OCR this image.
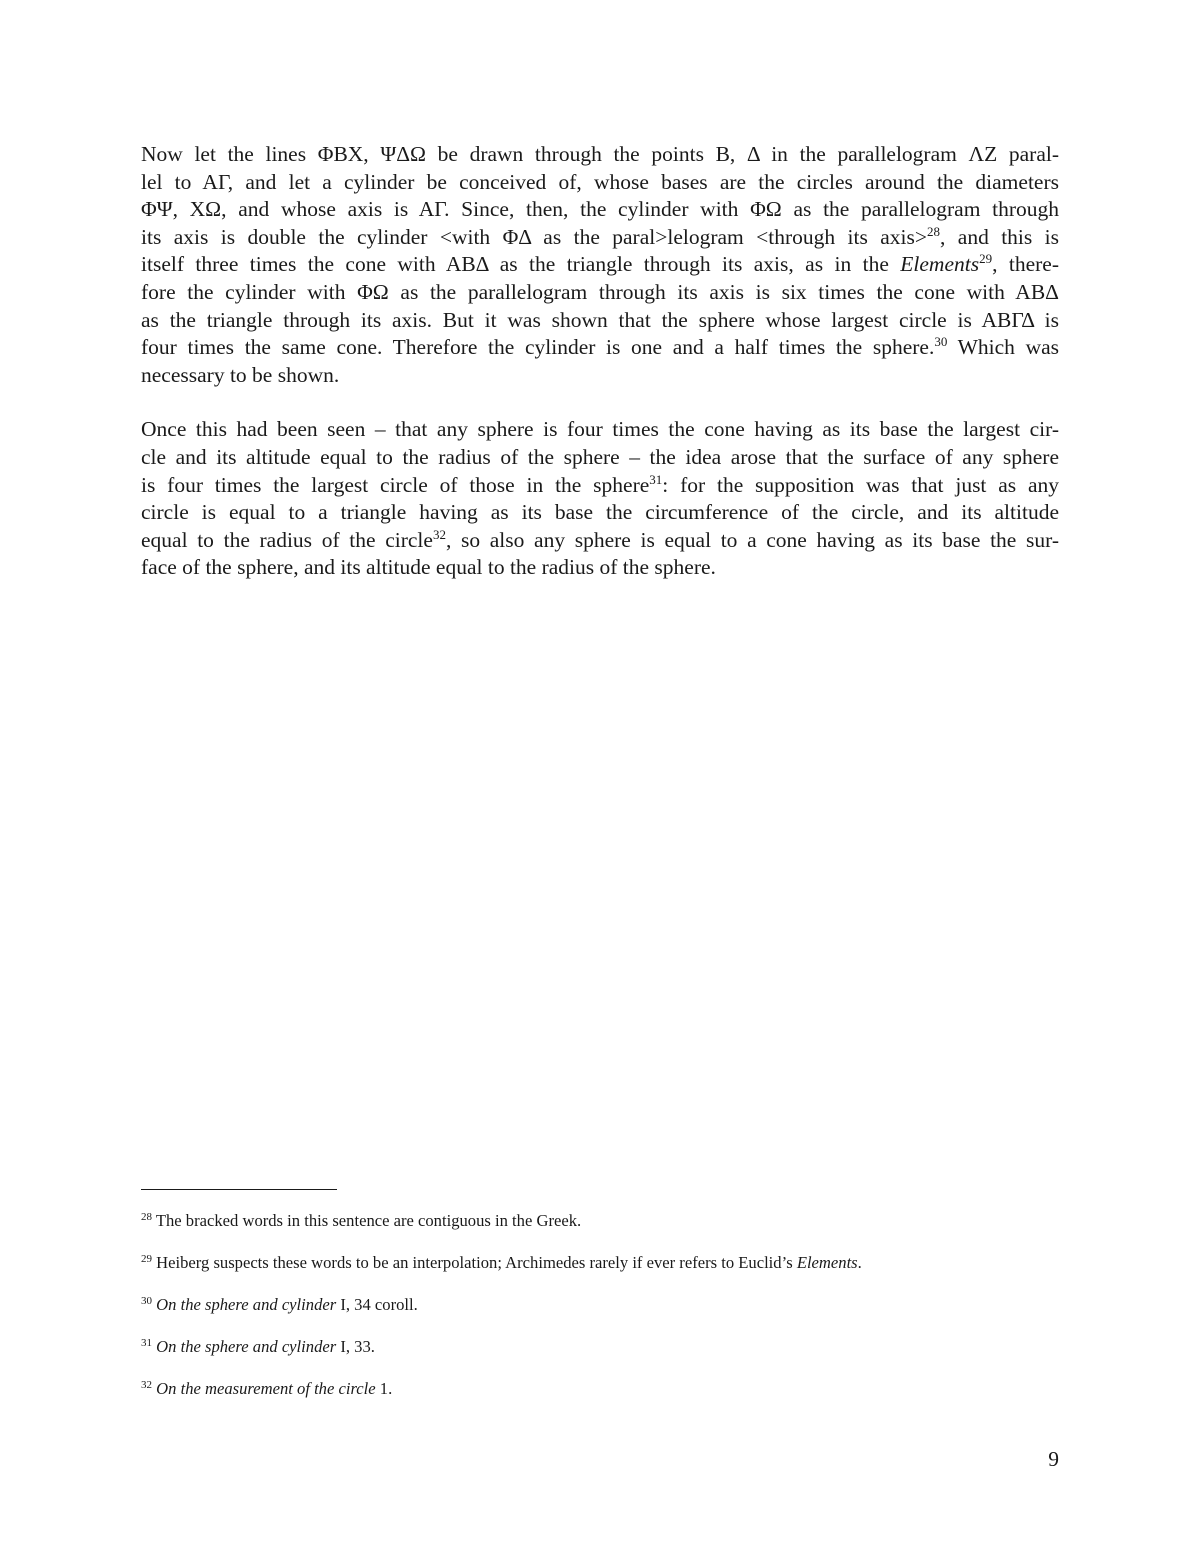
Now let the lines ΦBX, ΨΔΩ be drawn through the points B, Δ in the parallelogram ΛZ paral-
lel to AΓ, and let a cylinder be conceived of, whose bases are the circles around the diameters
ΦΨ, XΩ, and whose axis is AΓ. Since, then, the cylinder with ΦΩ as the parallelogram through
its axis is double the cylinder <with ΦΔ as the paral>lelogram <through its axis>$^{28}$, and this is
itself three times the cone with ABΔ as the triangle through its axis, as in the Elements$^{29}$, there-
fore the cylinder with ΦΩ as the parallelogram through its axis is six times the cone with ABΔ
as the triangle through its axis. But it was shown that the sphere whose largest circle is ABΓΔ is
four times the same cone. Therefore the cylinder is one and a half times the sphere.$^{30}$ Which was
necessary to be shown.
Once this had been seen – that any sphere is four times the cone having as its base the largest cir-
cle and its altitude equal to the radius of the sphere – the idea arose that the surface of any sphere
is four times the largest circle of those in the sphere$^{31}$: for the supposition was that just as any
circle is equal to a triangle having as its base the circumference of the circle, and its altitude
equal to the radius of the circle$^{32}$, so also any sphere is equal to a cone having as its base the sur-
face of the sphere, and its altitude equal to the radius of the sphere.

$^{28}$ The bracked words in this sentence are contiguous in the Greek.

$^{29}$ Heiberg suspects these words to be an interpolation; Archimedes rarely if ever refers to Euclid’s Elements.

$^{30}$ On the sphere and cylinder I, 34 coroll.

$^{31}$ On the sphere and cylinder I, 33.

$^{32}$ On the measurement of the circle 1.

9
